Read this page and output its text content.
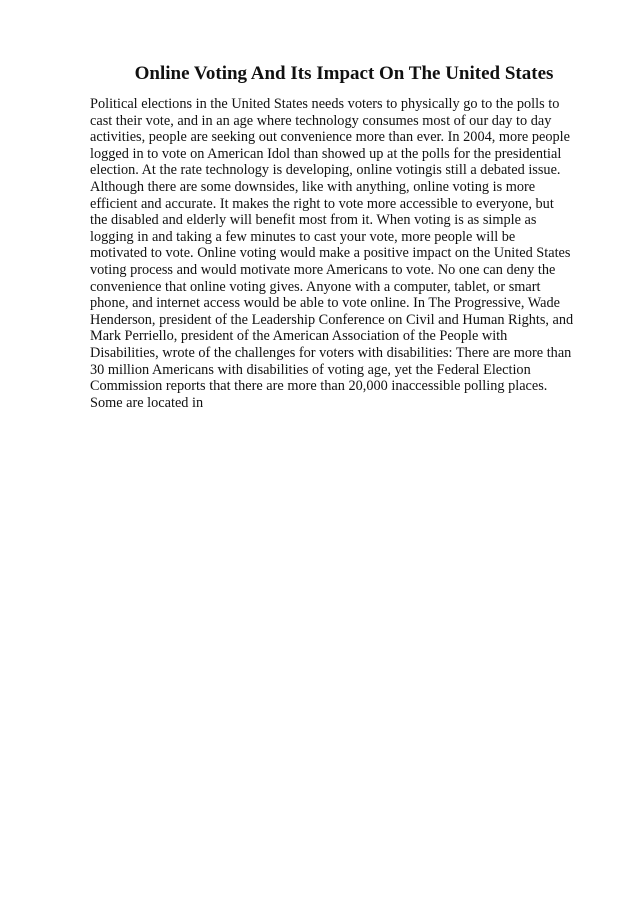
Online Voting And Its Impact On The United States
Political elections in the United States needs voters to physically go to the polls to
cast their vote, and in an age where technology consumes most of our day to day
activities, people are seeking out convenience more than ever. In 2004, more people
logged in to vote on American Idol than showed up at the polls for the presidential
election. At the rate technology is developing, online votingis still a debated issue.
Although there are some downsides, like with anything, online voting is more
efficient and accurate. It makes the right to vote more accessible to everyone, but
the disabled and elderly will benefit most from it. When voting is as simple as
logging in and taking a few minutes to cast your vote, more people will be
motivated to vote. Online voting would make a positive impact on the United States
voting process and would motivate more Americans to vote. No one can deny the
convenience that online voting gives. Anyone with a computer, tablet, or smart
phone, and internet access would be able to vote online. In The Progressive, Wade
Henderson, president of the Leadership Conference on Civil and Human Rights, and
Mark Perriello, president of the American Association of the People with
Disabilities, wrote of the challenges for voters with disabilities: There are more than
30 million Americans with disabilities of voting age, yet the Federal Election
Commission reports that there are more than 20,000 inaccessible polling places.
Some are located in
